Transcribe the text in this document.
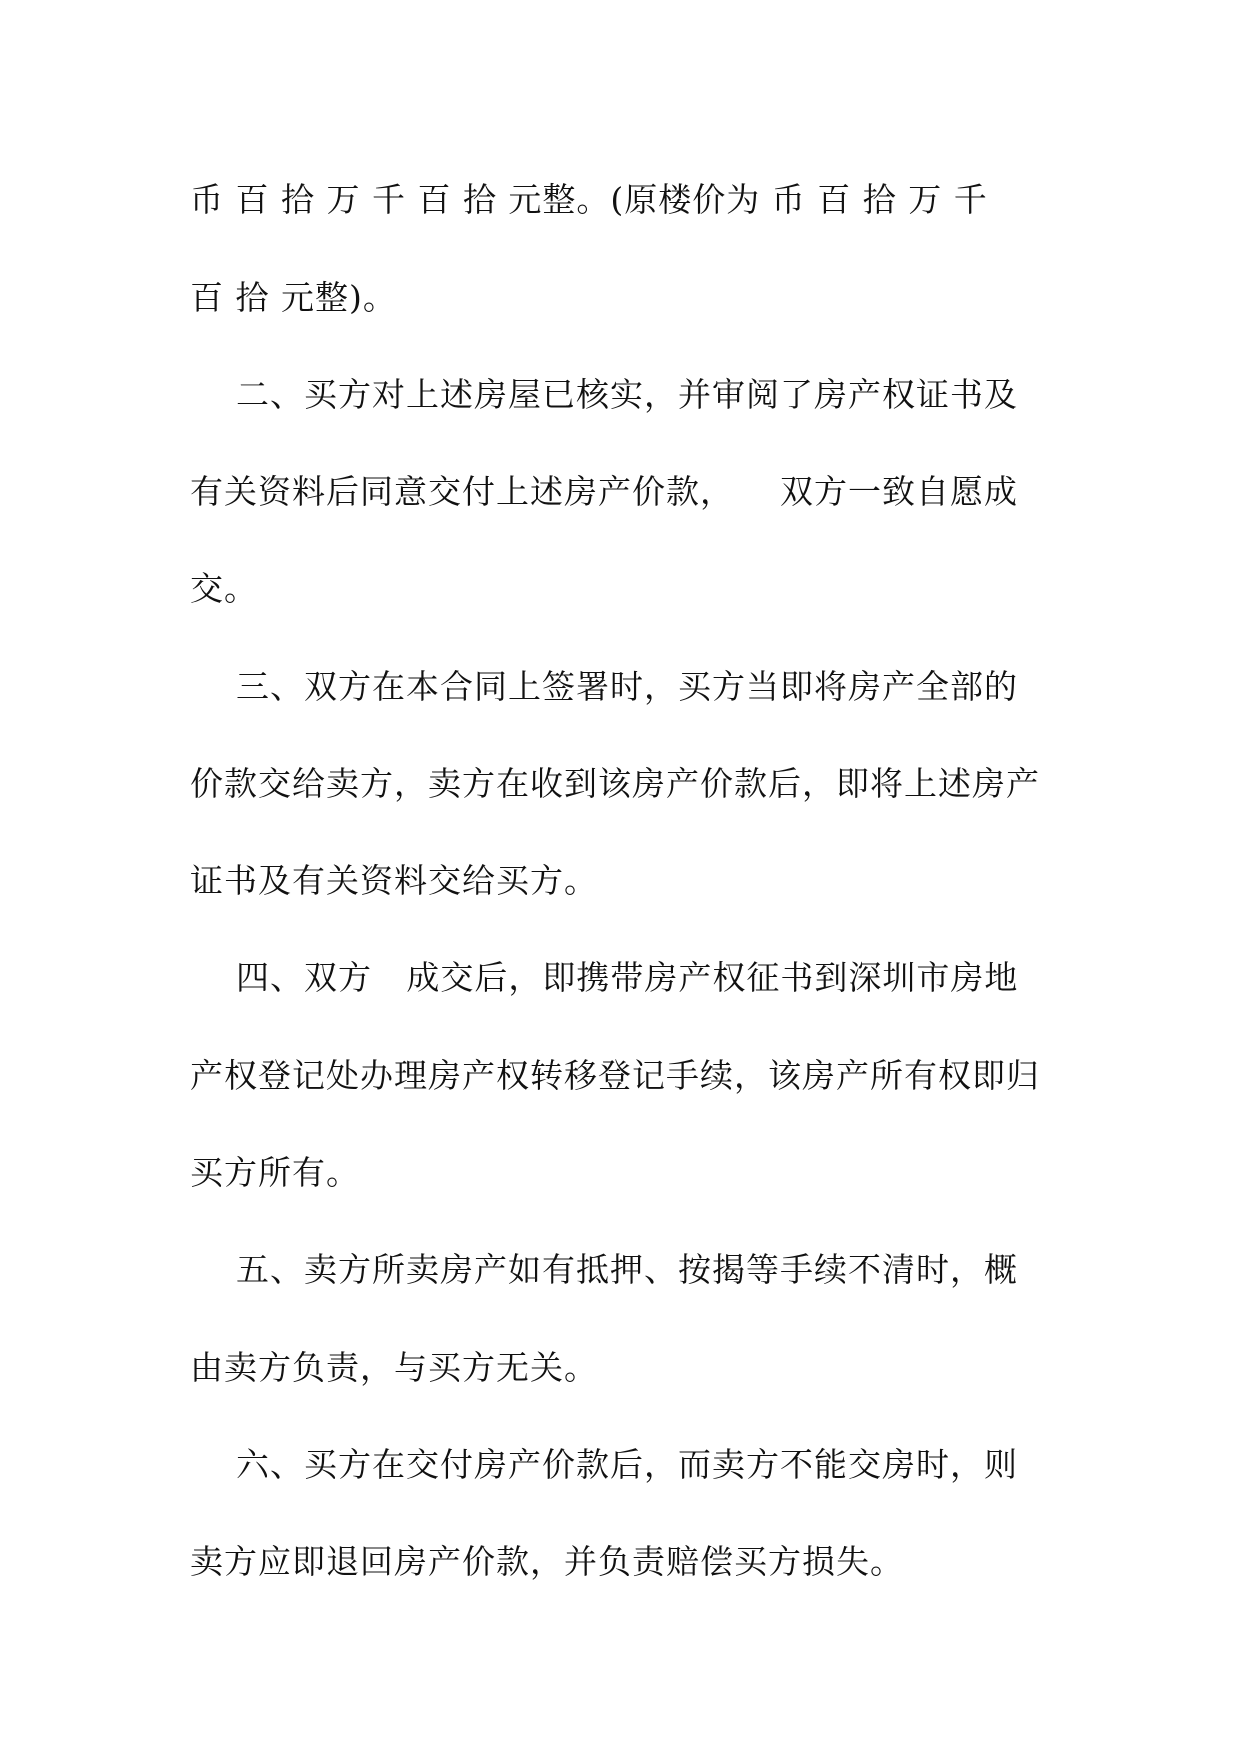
币 百 拾 万 千 百 拾 元整。(原楼价为 币 百 拾 万 千
百 拾 元整)。
二、买方对上述房屋已核实，并审阅了房产权证书及
有关资料后同意交付上述房产价款，    双方一致自愿成
交。
三、双方在本合同上签署时，买方当即将房产全部的
价款交给卖方，卖方在收到该房产价款后，即将上述房产
证书及有关资料交给买方。
四、双方   成交后，即携带房产权征书到深圳市房地
产权登记处办理房产权转移登记手续，该房产所有权即归
买方所有。
五、卖方所卖房产如有抵押、按揭等手续不清时，概
由卖方负责，与买方无关。
六、买方在交付房产价款后，而卖方不能交房时，则
卖方应即退回房产价款，并负责赔偿买方损失。
